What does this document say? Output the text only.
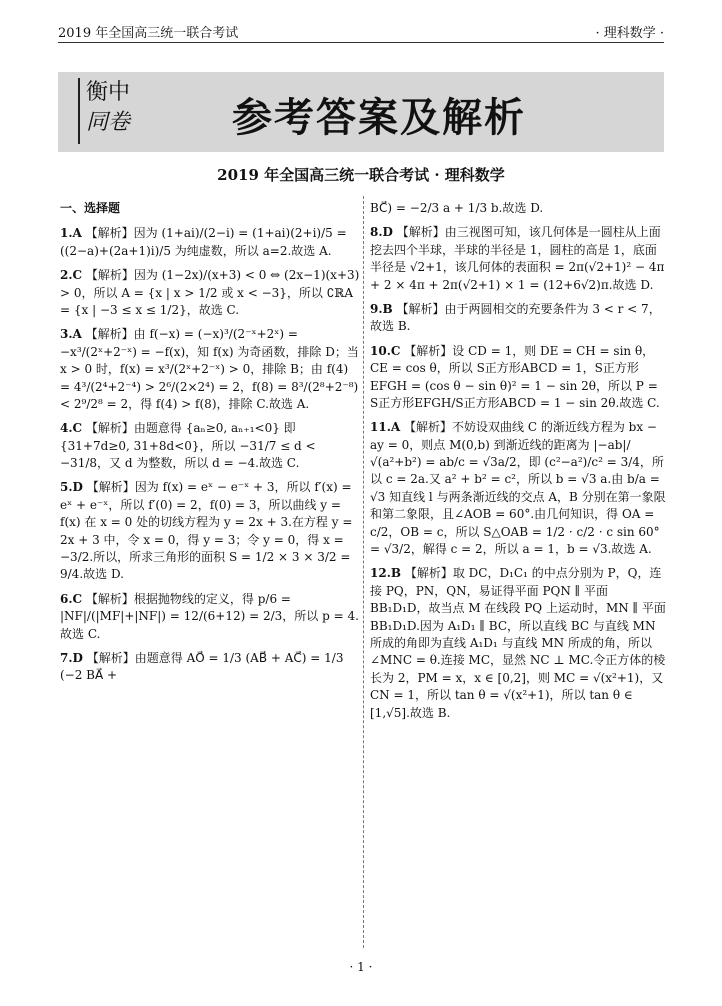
2019 年全国高三统一联合考试	· 理科数学 ·
衡中
同卷	参考答案及解析
2019 年全国高三统一联合考试 · 理科数学

一、选择题

1.A 【解析】因为 (1+ai)/(2−i) = (1+ai)(2+i)/5 = ((2−a)+(2a+1)i)/5 为纯虚数，所以 a=2.故选 A.

2.C 【解析】因为 (1−2x)/(x+3) < 0 ⇔ (2x−1)(x+3) > 0，所以 A = {x | x > 1/2 或 x < −3}，所以 ∁ℝA = {x | −3 ≤ x ≤ 1/2}，故选 C.

3.A 【解析】由 f(−x) = (−x)³/(2⁻ˣ+2ˣ) = −x³/(2ˣ+2⁻ˣ) = −f(x)，知 f(x) 为奇函数，排除 D；当 x > 0 时，f(x) = x³/(2ˣ+2⁻ˣ) > 0，排除 B；由 f(4) = 4³/(2⁴+2⁻⁴) > 2⁶/(2×2⁴) = 2，f(8) = 8³/(2⁸+2⁻⁸) < 2⁹/2⁸ = 2，得 f(4) > f(8)，排除 C.故选 A.

4.C 【解析】由题意得 {aₙ≥0, aₙ₊₁<0} 即 {31+7d≥0, 31+8d<0}，所以 −31/7 ≤ d < −31/8，又 d 为整数，所以 d = −4.故选 C.

5.D 【解析】因为 f(x) = eˣ − e⁻ˣ + 3，所以 f′(x) = eˣ + e⁻ˣ，所以 f′(0) = 2，f(0) = 3，所以曲线 y = f(x) 在 x = 0 处的切线方程为 y = 2x + 3.在方程 y = 2x + 3 中，令 x = 0，得 y = 3；令 y = 0，得 x = −3/2.所以，所求三角形的面积 S = 1/2 × 3 × 3/2 = 9/4.故选 D.

6.C 【解析】根据抛物线的定义，得 p/6 = |NF|/(|MF|+|NF|) = 12/(6+12) = 2/3，所以 p = 4.故选 C.

7.D 【解析】由题意得 AO⃗ = 1/3 (AB⃗ + AC⃗) = 1/3 (−2 BA⃗ +

BC⃗) = −2/3 a + 1/3 b.故选 D.

8.D 【解析】由三视图可知，该几何体是一圆柱从上面挖去四个半球，半球的半径是 1，圆柱的高是 1，底面半径是 √2+1，该几何体的表面积 = 2π(√2+1)² − 4π + 2 × 4π + 2π(√2+1) × 1 = (12+6√2)π.故选 D.

9.B 【解析】由于两圆相交的充要条件为 3 < r < 7，故选 B.

10.C 【解析】设 CD = 1，则 DE = CH = sin θ，CE = cos θ，所以 S正方形ABCD = 1，S正方形EFGH = (cos θ − sin θ)² = 1 − sin 2θ，所以 P = S正方形EFGH/S正方形ABCD = 1 − sin 2θ.故选 C.

11.A 【解析】不妨设双曲线 C 的渐近线方程为 bx − ay = 0，则点 M(0,b) 到渐近线的距离为 |−ab|/√(a²+b²) = ab/c = √3a/2，即 (c²−a²)/c² = 3/4，所以 c = 2a.又 a² + b² = c²，所以 b = √3 a.由 b/a = √3 知直线 l 与两条渐近线的交点 A，B 分别在第一象限和第二象限，且∠AOB = 60°.由几何知识，得 OA = c/2，OB = c，所以 S△OAB = 1/2 · c/2 · c sin 60° = √3/2，解得 c = 2，所以 a = 1，b = √3.故选 A.

12.B 【解析】取 DC，D₁C₁ 的中点分别为 P，Q，连接 PQ，PN，QN，易证得平面 PQN ∥ 平面 BB₁D₁D，故当点 M 在线段 PQ 上运动时，MN ∥ 平面 BB₁D₁D.因为 A₁D₁ ∥ BC，所以直线 BC 与直线 MN 所成的角即为直线 A₁D₁ 与直线 MN 所成的角，所以∠MNC = θ.连接 MC，显然 NC ⊥ MC.令正方体的棱长为 2，PM = x，x ∈ [0,2]，则 MC = √(x²+1)，又 CN = 1，所以 tan θ = √(x²+1)，所以 tan θ ∈ [1,√5].故选 B.

· 1 ·
